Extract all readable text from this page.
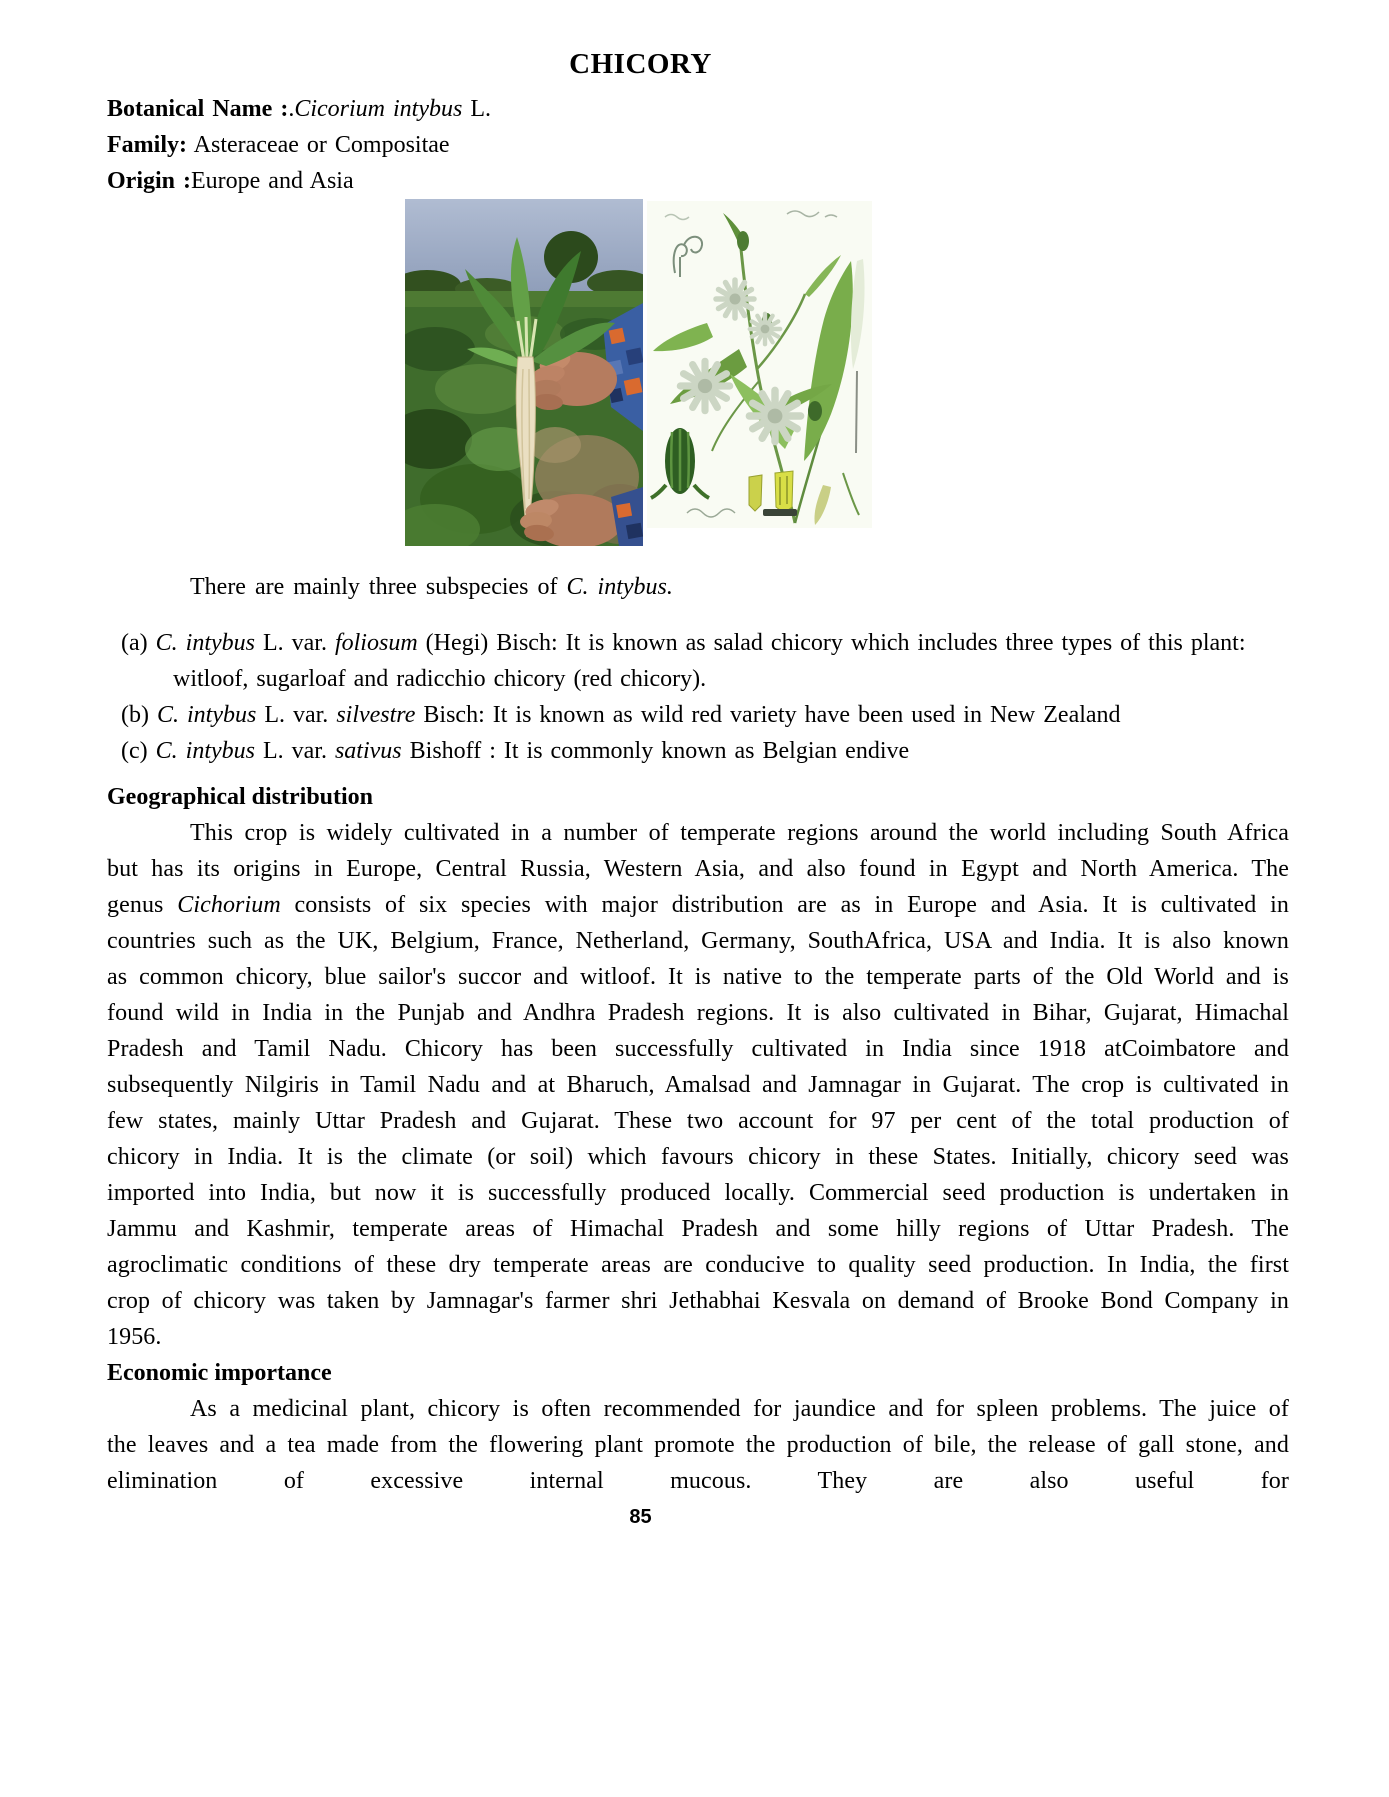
CHICORY

Botanical Name :.Cicorium intybus L.

Family: Asteraceae or Compositae

Origin :Europe and Asia

There are mainly three subspecies of C. intybus.

(a) C. intybus L. var. foliosum (Hegi) Bisch: It is known as salad chicory which includes three types of this plant: witloof, sugarloaf and radicchio chicory (red chicory).

(b) C. intybus L. var. silvestre Bisch: It is known as wild red variety have been used in New Zealand

(c) C. intybus L. var. sativus Bishoff : It is commonly known as Belgian endive

Geographical distribution

This crop is widely cultivated in a number of temperate regions around the world including South Africa but has its origins in Europe, Central Russia, Western Asia, and also found in Egypt and North America. The genus Cichorium consists of six species with major distribution are as in Europe and Asia. It is cultivated in countries such as the UK, Belgium, France, Netherland, Germany, SouthAfrica, USA and India. It is also known as common chicory, blue sailor's succor and witloof. It is native to the temperate parts of the Old World and is found wild in India in the Punjab and Andhra Pradesh regions. It is also cultivated in Bihar, Gujarat, Himachal Pradesh and Tamil Nadu. Chicory has been successfully cultivated in India since 1918 atCoimbatore and subsequently Nilgiris in Tamil Nadu and at Bharuch, Amalsad and Jamnagar in Gujarat. The crop is cultivated in few states, mainly Uttar Pradesh and Gujarat. These two account for 97 per cent of the total production of chicory in India. It is the climate (or soil) which favours chicory in these States. Initially, chicory seed was imported into India, but now it is successfully produced locally. Commercial seed production is undertaken in Jammu and Kashmir, temperate areas of Himachal Pradesh and some hilly regions of Uttar Pradesh. The agroclimatic conditions of these dry temperate areas are conducive to quality seed production. In India, the first crop of chicory was taken by Jamnagar's farmer shri Jethabhai Kesvala on demand of Brooke Bond Company in 1956.

Economic importance

As a medicinal plant, chicory is often recommended for jaundice and for spleen problems. The juice of the leaves and a tea made from the flowering plant promote the production of bile, the release of gall stone, and elimination of excessive internal mucous. They are also useful for

85
